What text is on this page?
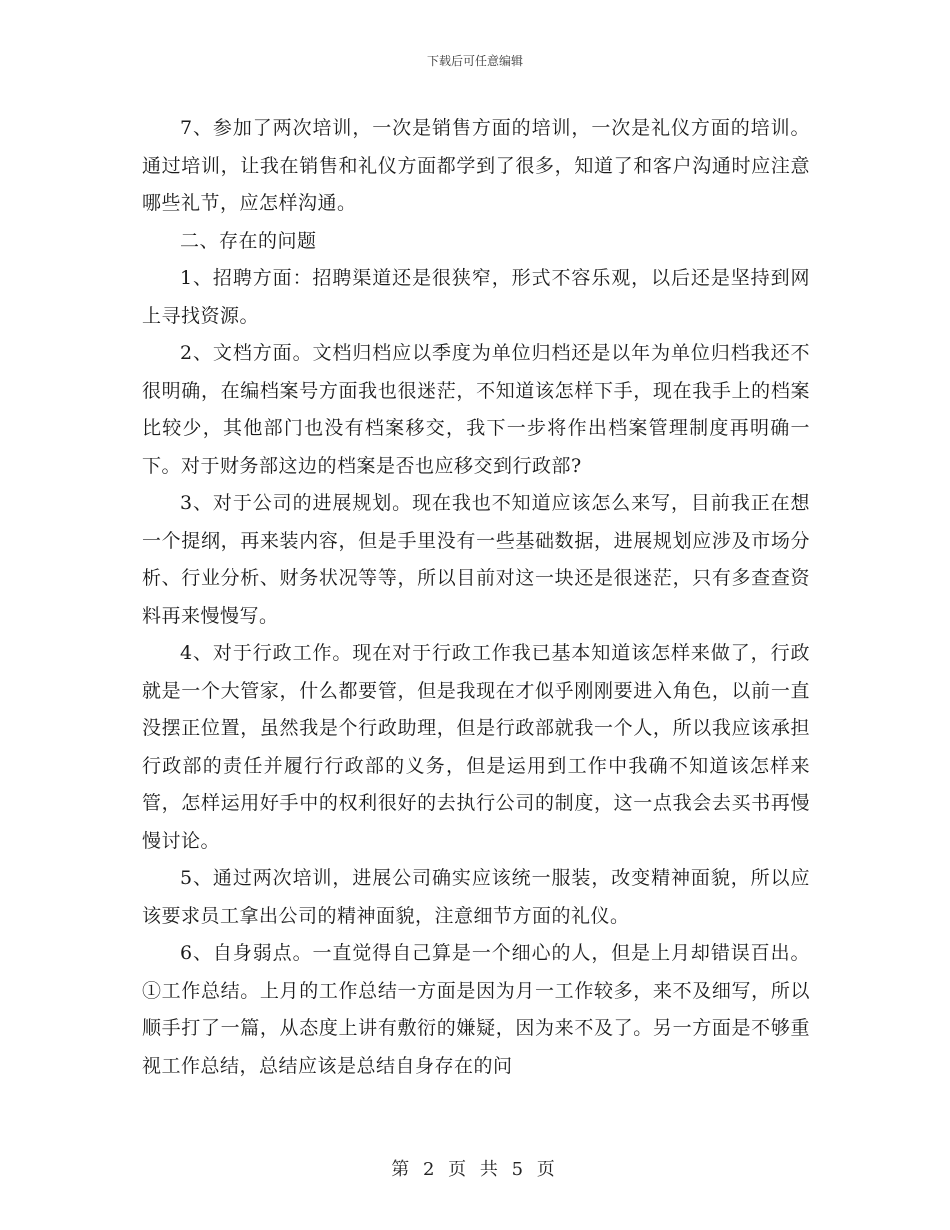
下载后可任意编辑

7、参加了两次培训，一次是销售方面的培训，一次是礼仪方面的培训。通过培训，让我在销售和礼仪方面都学到了很多，知道了和客户沟通时应注意哪些礼节，应怎样沟通。

二、存在的问题

1、招聘方面：招聘渠道还是很狭窄，形式不容乐观，以后还是坚持到网上寻找资源。

2、文档方面。文档归档应以季度为单位归档还是以年为单位归档我还不很明确，在编档案号方面我也很迷茫，不知道该怎样下手，现在我手上的档案比较少，其他部门也没有档案移交，我下一步将作出档案管理制度再明确一下。对于财务部这边的档案是否也应移交到行政部?

3、对于公司的进展规划。现在我也不知道应该怎么来写，目前我正在想一个提纲，再来装内容，但是手里没有一些基础数据，进展规划应涉及市场分析、行业分析、财务状况等等，所以目前对这一块还是很迷茫，只有多查查资料再来慢慢写。

4、对于行政工作。现在对于行政工作我已基本知道该怎样来做了，行政就是一个大管家，什么都要管，但是我现在才似乎刚刚要进入角色，以前一直没摆正位置，虽然我是个行政助理，但是行政部就我一个人，所以我应该承担行政部的责任并履行行政部的义务，但是运用到工作中我确不知道该怎样来管，怎样运用好手中的权利很好的去执行公司的制度，这一点我会去买书再慢慢讨论。

5、通过两次培训，进展公司确实应该统一服装，改变精神面貌，所以应该要求员工拿出公司的精神面貌，注意细节方面的礼仪。

6、自身弱点。一直觉得自己算是一个细心的人，但是上月却错误百出。①工作总结。上月的工作总结一方面是因为月一工作较多，来不及细写，所以顺手打了一篇，从态度上讲有敷衍的嫌疑，因为来不及了。另一方面是不够重视工作总结，总结应该是总结自身存在的问

第 2 页 共 5 页
